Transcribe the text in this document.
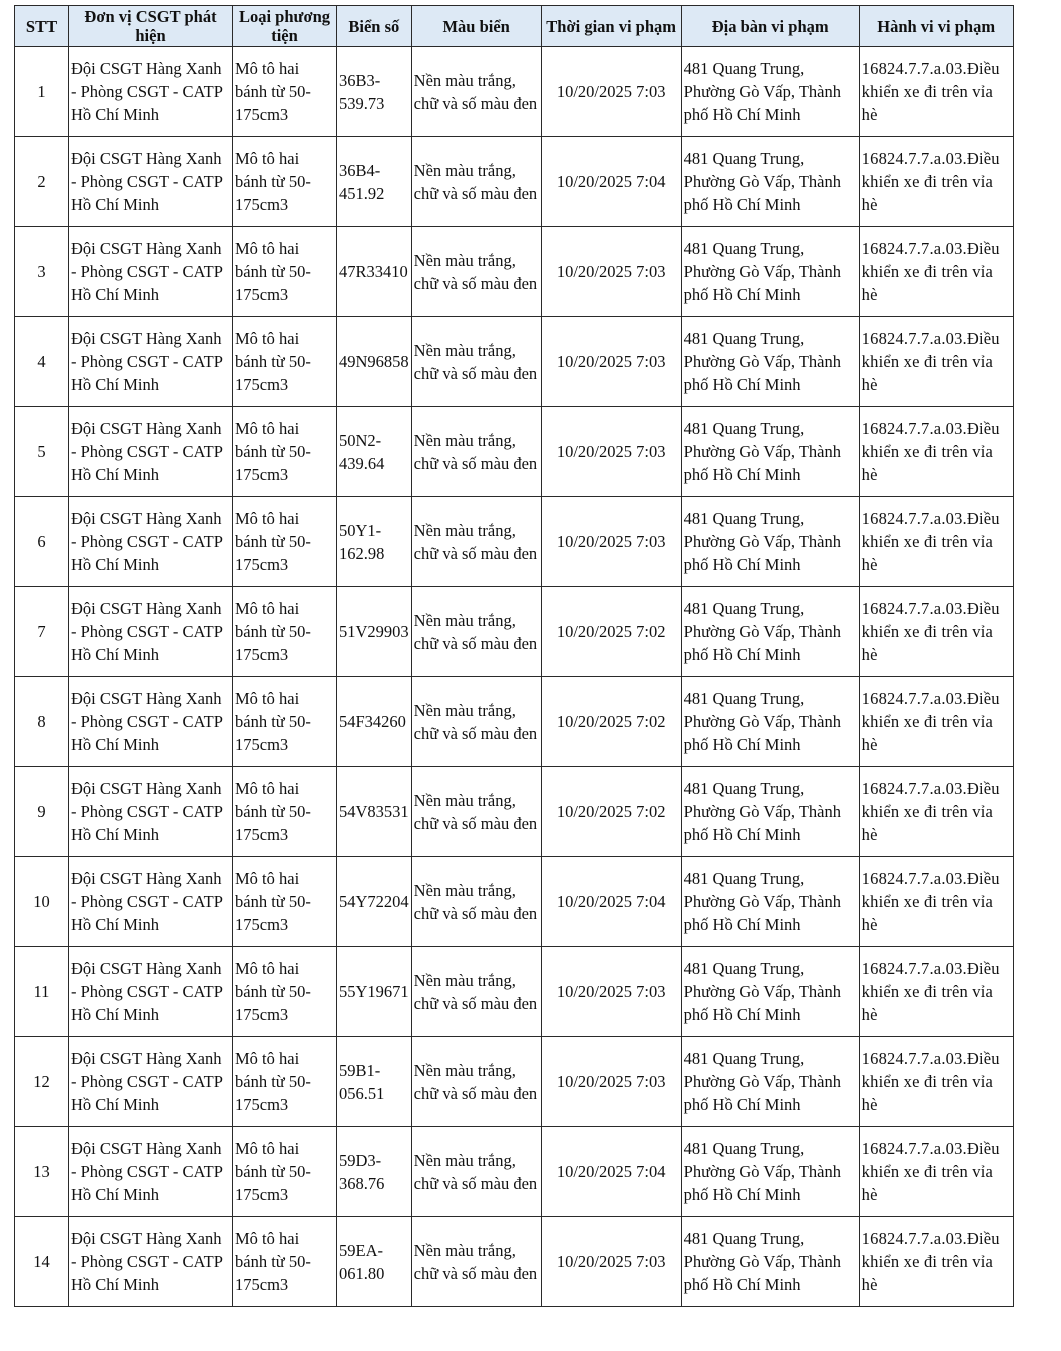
STT	Đơn vị CSGT phát hiện	Loại phương tiện	Biển số	Màu biển	Thời gian vi phạm	Địa bàn vi phạm	Hành vi vi phạm
1	Đội CSGT Hàng Xanh - Phòng CSGT - CATP Hồ Chí Minh	Mô tô hai bánh từ 50-175cm3	36B3-539.73	Nền màu trắng, chữ và số màu đen	10/20/2025 7:03	481 Quang Trung, Phường Gò Vấp, Thành phố Hồ Chí Minh	16824.7.7.a.03.Điều khiển xe đi trên vỉa hè
2	Đội CSGT Hàng Xanh - Phòng CSGT - CATP Hồ Chí Minh	Mô tô hai bánh từ 50-175cm3	36B4-451.92	Nền màu trắng, chữ và số màu đen	10/20/2025 7:04	481 Quang Trung, Phường Gò Vấp, Thành phố Hồ Chí Minh	16824.7.7.a.03.Điều khiển xe đi trên vỉa hè
3	Đội CSGT Hàng Xanh - Phòng CSGT - CATP Hồ Chí Minh	Mô tô hai bánh từ 50-175cm3	47R33410	Nền màu trắng, chữ và số màu đen	10/20/2025 7:03	481 Quang Trung, Phường Gò Vấp, Thành phố Hồ Chí Minh	16824.7.7.a.03.Điều khiển xe đi trên vỉa hè
4	Đội CSGT Hàng Xanh - Phòng CSGT - CATP Hồ Chí Minh	Mô tô hai bánh từ 50-175cm3	49N96858	Nền màu trắng, chữ và số màu đen	10/20/2025 7:03	481 Quang Trung, Phường Gò Vấp, Thành phố Hồ Chí Minh	16824.7.7.a.03.Điều khiển xe đi trên vỉa hè
5	Đội CSGT Hàng Xanh - Phòng CSGT - CATP Hồ Chí Minh	Mô tô hai bánh từ 50-175cm3	50N2-439.64	Nền màu trắng, chữ và số màu đen	10/20/2025 7:03	481 Quang Trung, Phường Gò Vấp, Thành phố Hồ Chí Minh	16824.7.7.a.03.Điều khiển xe đi trên vỉa hè
6	Đội CSGT Hàng Xanh - Phòng CSGT - CATP Hồ Chí Minh	Mô tô hai bánh từ 50-175cm3	50Y1-162.98	Nền màu trắng, chữ và số màu đen	10/20/2025 7:03	481 Quang Trung, Phường Gò Vấp, Thành phố Hồ Chí Minh	16824.7.7.a.03.Điều khiển xe đi trên vỉa hè
7	Đội CSGT Hàng Xanh - Phòng CSGT - CATP Hồ Chí Minh	Mô tô hai bánh từ 50-175cm3	51V29903	Nền màu trắng, chữ và số màu đen	10/20/2025 7:02	481 Quang Trung, Phường Gò Vấp, Thành phố Hồ Chí Minh	16824.7.7.a.03.Điều khiển xe đi trên vỉa hè
8	Đội CSGT Hàng Xanh - Phòng CSGT - CATP Hồ Chí Minh	Mô tô hai bánh từ 50-175cm3	54F34260	Nền màu trắng, chữ và số màu đen	10/20/2025 7:02	481 Quang Trung, Phường Gò Vấp, Thành phố Hồ Chí Minh	16824.7.7.a.03.Điều khiển xe đi trên vỉa hè
9	Đội CSGT Hàng Xanh - Phòng CSGT - CATP Hồ Chí Minh	Mô tô hai bánh từ 50-175cm3	54V83531	Nền màu trắng, chữ và số màu đen	10/20/2025 7:02	481 Quang Trung, Phường Gò Vấp, Thành phố Hồ Chí Minh	16824.7.7.a.03.Điều khiển xe đi trên vỉa hè
10	Đội CSGT Hàng Xanh - Phòng CSGT - CATP Hồ Chí Minh	Mô tô hai bánh từ 50-175cm3	54Y72204	Nền màu trắng, chữ và số màu đen	10/20/2025 7:04	481 Quang Trung, Phường Gò Vấp, Thành phố Hồ Chí Minh	16824.7.7.a.03.Điều khiển xe đi trên vỉa hè
11	Đội CSGT Hàng Xanh - Phòng CSGT - CATP Hồ Chí Minh	Mô tô hai bánh từ 50-175cm3	55Y19671	Nền màu trắng, chữ và số màu đen	10/20/2025 7:03	481 Quang Trung, Phường Gò Vấp, Thành phố Hồ Chí Minh	16824.7.7.a.03.Điều khiển xe đi trên vỉa hè
12	Đội CSGT Hàng Xanh - Phòng CSGT - CATP Hồ Chí Minh	Mô tô hai bánh từ 50-175cm3	59B1-056.51	Nền màu trắng, chữ và số màu đen	10/20/2025 7:03	481 Quang Trung, Phường Gò Vấp, Thành phố Hồ Chí Minh	16824.7.7.a.03.Điều khiển xe đi trên vỉa hè
13	Đội CSGT Hàng Xanh - Phòng CSGT - CATP Hồ Chí Minh	Mô tô hai bánh từ 50-175cm3	59D3-368.76	Nền màu trắng, chữ và số màu đen	10/20/2025 7:04	481 Quang Trung, Phường Gò Vấp, Thành phố Hồ Chí Minh	16824.7.7.a.03.Điều khiển xe đi trên vỉa hè
14	Đội CSGT Hàng Xanh - Phòng CSGT - CATP Hồ Chí Minh	Mô tô hai bánh từ 50-175cm3	59EA-061.80	Nền màu trắng, chữ và số màu đen	10/20/2025 7:03	481 Quang Trung, Phường Gò Vấp, Thành phố Hồ Chí Minh	16824.7.7.a.03.Điều khiển xe đi trên vỉa hè
